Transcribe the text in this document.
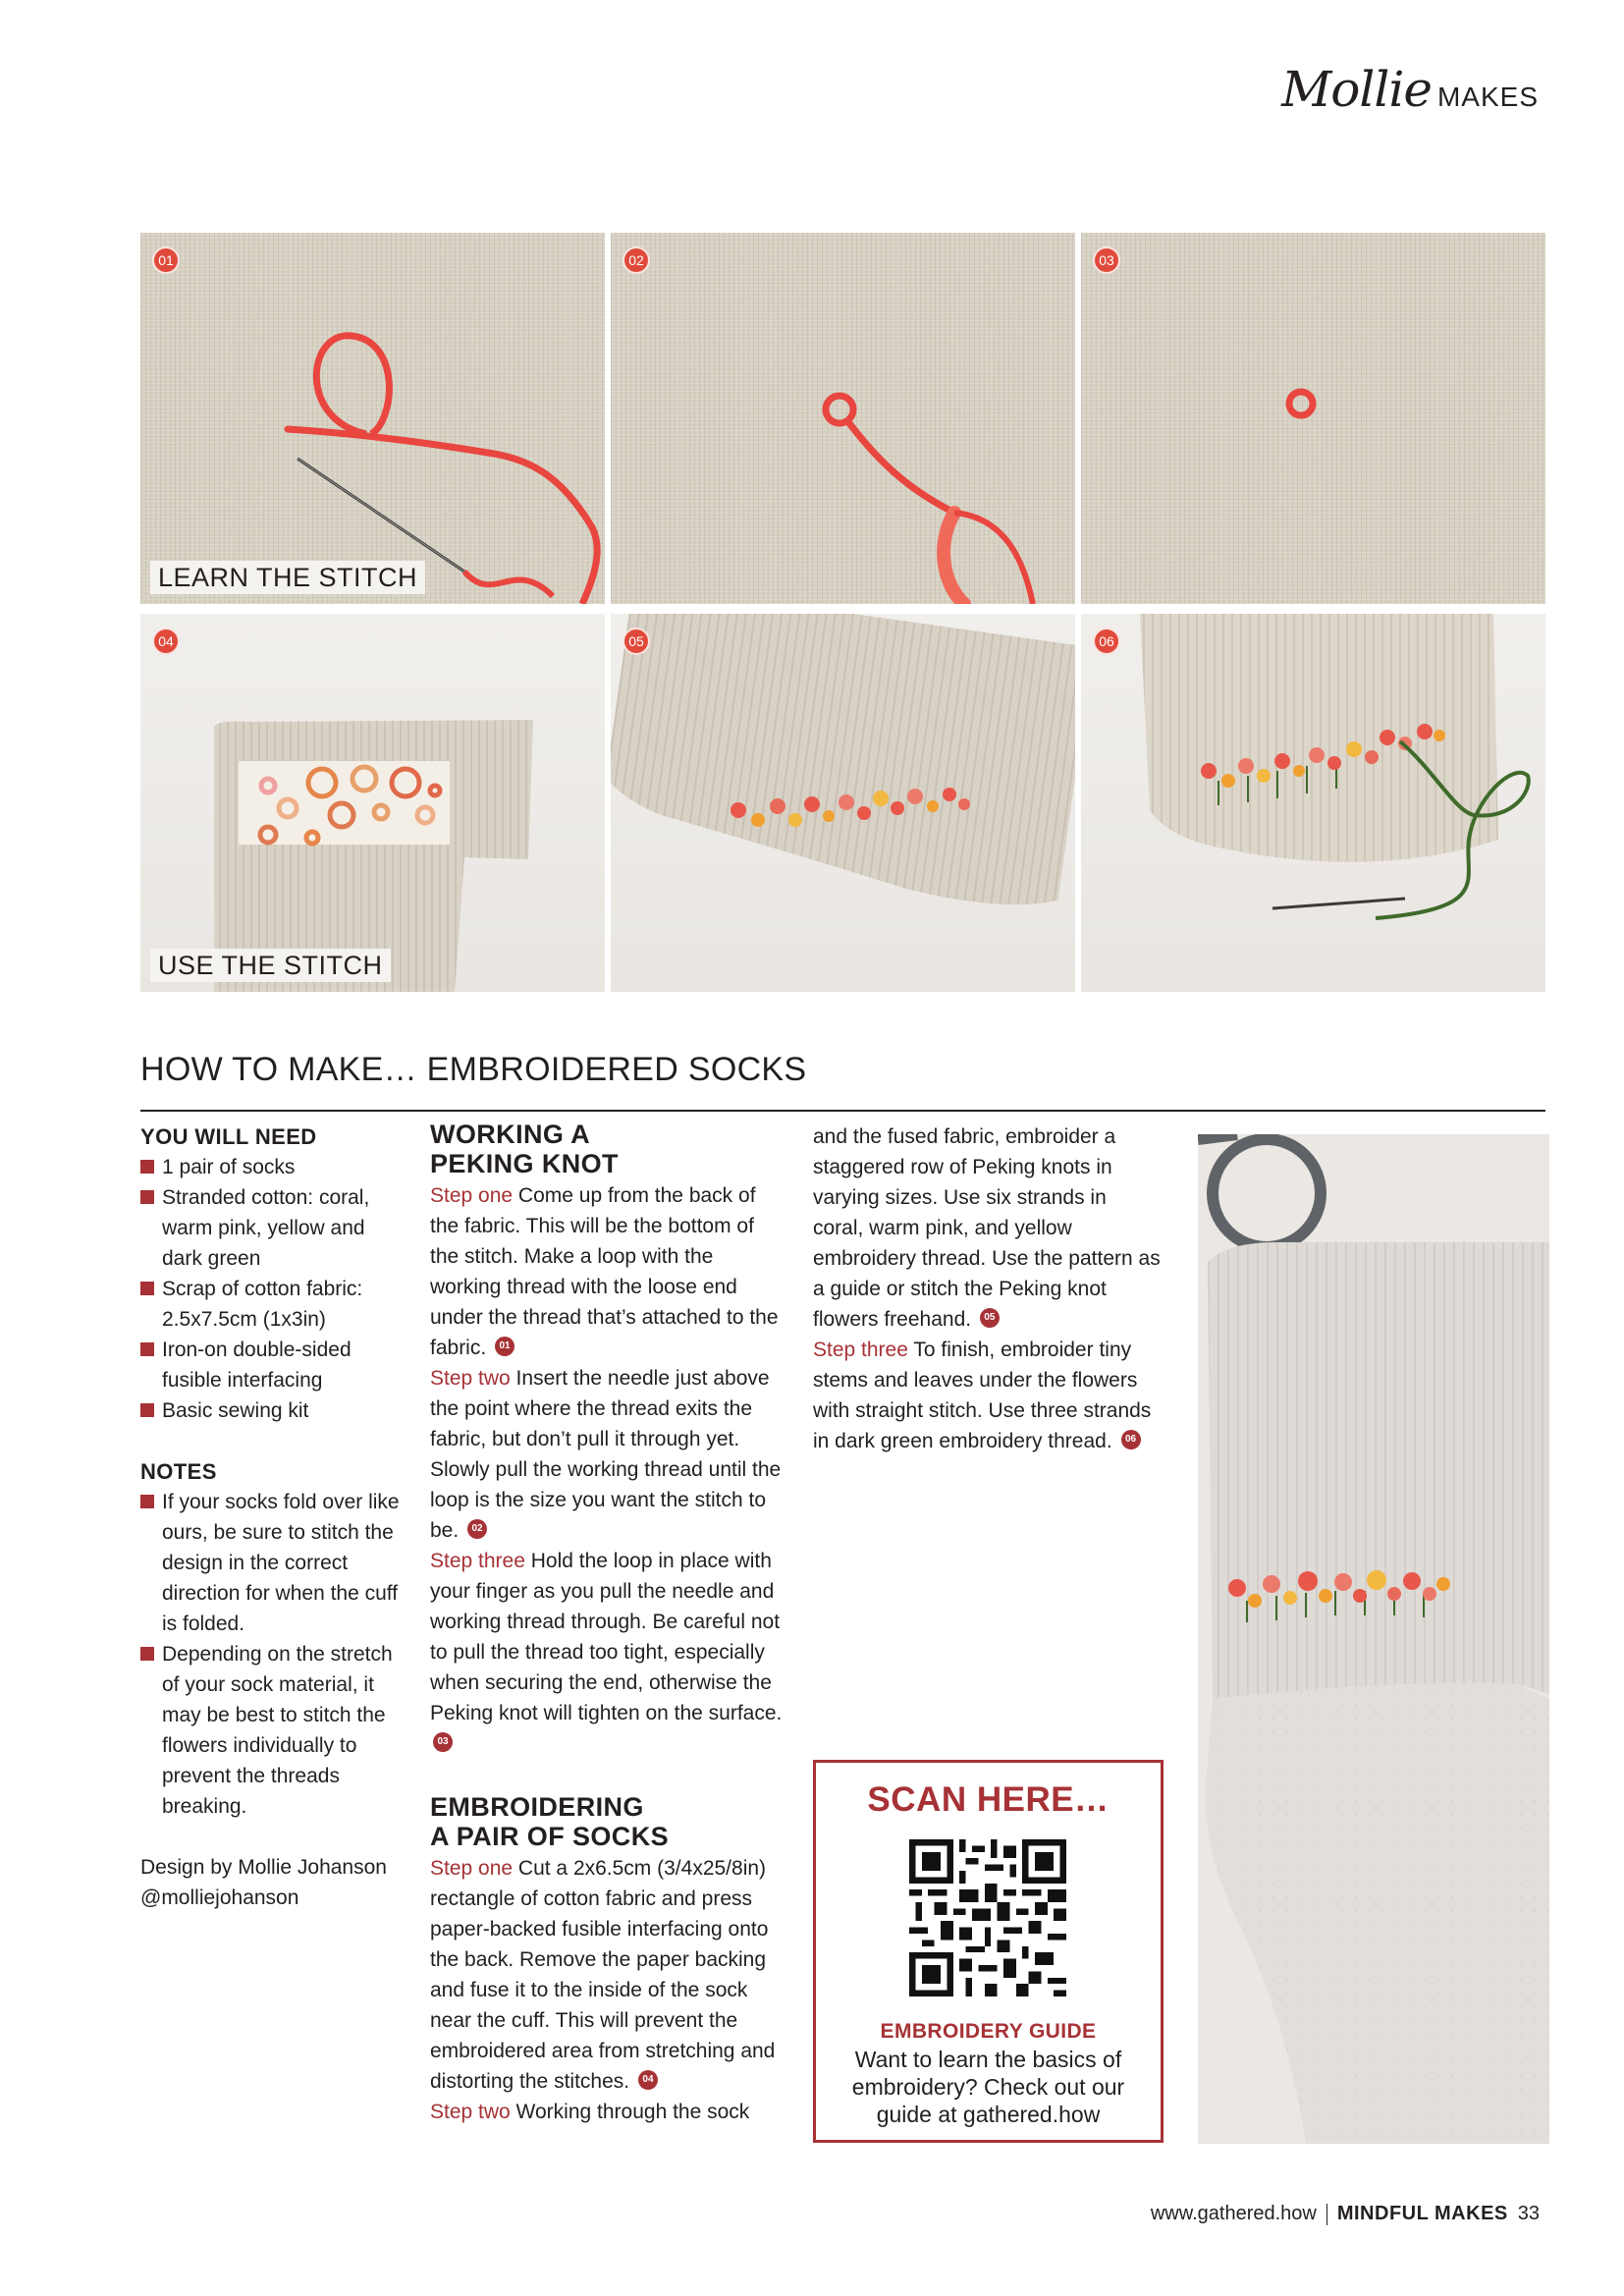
Mollie MAKES
01
LEARN THE STITCH
02	03
04
USE THE STITCH
05	06
HOW TO MAKE… EMBROIDERED SOCKS
YOU WILL NEED
1 pair of socks
Stranded cotton: coral, warm pink, yellow and dark green
Scrap of cotton fabric: 2.5x7.5cm (1x3in)
Iron-on double-sided fusible interfacing
Basic sewing kit
NOTES
If your socks fold over like ours, be sure to stitch the design in the correct direction for when the cuff is folded.
Depending on the stretch of your sock material, it may be best to stitch the flowers individually to prevent the threads breaking.
Design by Mollie Johanson
@molliejohanson
WORKING A
PEKING KNOT

Step one Come up from the back of the fabric. This will be the bottom of the stitch. Make a loop with the working thread with the loose end under the thread that’s attached to the fabric. 01

Step two Insert the needle just above the point where the thread exits the fabric, but don’t pull it through yet. Slowly pull the working thread until the loop is the size you want the stitch to be. 02

Step three Hold the loop in place with your finger as you pull the needle and working thread through. Be careful not to pull the thread too tight, especially when securing the end, otherwise the Peking knot will tighten on the surface. 03

EMBROIDERING
A PAIR OF SOCKS

Step one Cut a 2x6.5cm (3/4x25/8in) rectangle of cotton fabric and press paper-backed fusible interfacing onto the back. Remove the paper backing and fuse it to the inside of the sock near the cuff. This will prevent the embroidered area from stretching and distorting the stitches. 04

Step two Working through the sock

and the fused fabric, embroider a staggered row of Peking knots in varying sizes. Use six strands in coral, warm pink, and yellow embroidery thread. Use the pattern as a guide or stitch the Peking knot flowers freehand. 05

Step three To finish, embroider tiny stems and leaves under the flowers with straight stitch. Use three strands in dark green embroidery thread. 06

SCAN HERE…
EMBROIDERY GUIDE
Want to learn the basics of embroidery? Check out our guide at gathered.how
www.gathered.how MINDFUL MAKES 33
